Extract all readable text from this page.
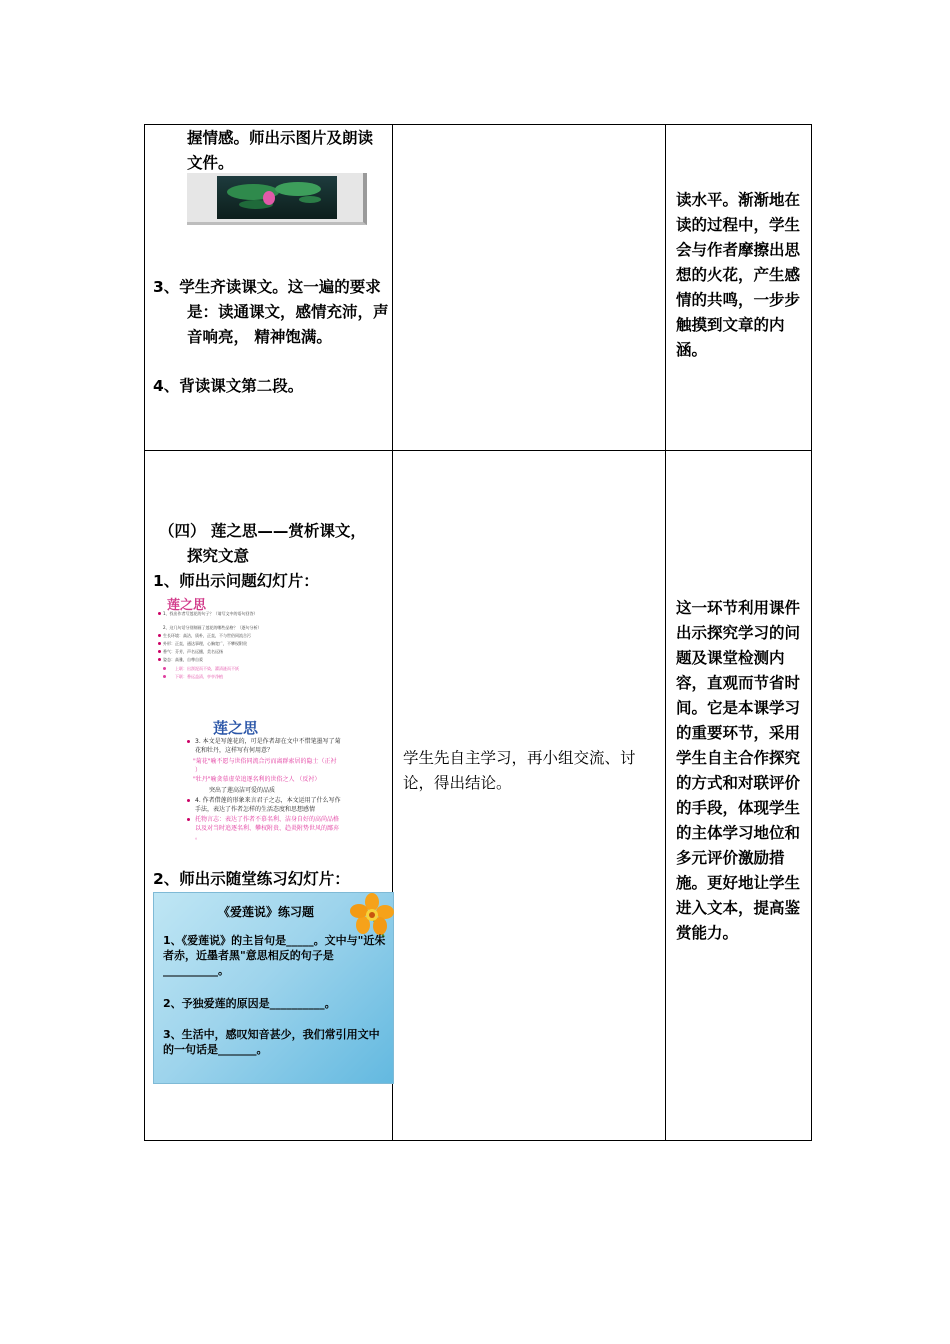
握情感。师出示图片及朗读
文件。
3、学生齐读课文。这一遍的要求
是：读通课文，感情充沛，声
音响亮， 精神饱满。
4、背读课文第二段。
读水平。渐渐地在读的过程中，学生会与作者摩擦出思想的火花，产生感情的共鸣，一步步触摸到文章的内涵。
（四） 莲之思——赏析课文，
探究文意
1、师出示问题幻灯片：
莲之思
1、找出作者写莲花的句子？（请写文中的语句回答）
2、这几句话分别刻画了莲花的哪些品格？（逐句分析）
生长环境：高洁，质朴，正直，不与世俗同流合污
外形：正直，通达事理，心胸宽广，不攀权附贵
香气：芬芳，声名远播，美名远扬
姿态：高雅，自尊自爱
上联：出淤泥而不染，濯清涟而不妖
下联：香远益清，亭亭净植
莲之思
3. 本文是写莲花的，可是作者却在文中不惜笔墨写了菊
花和牡丹，这样写有何用意？
"菊花"喻不愿与世俗同流合污而离群索居的隐士（正衬
）
"牡丹"喻贪慕虚荣追逐名利的世俗之人 （反衬）
突出了莲高洁可爱的品质
4. 作者借莲的形象来言君子之志，本文运用了什么写作
手法，表达了作者怎样的生活态度和思想感情
托物言志：表达了作者不慕名利、洁身自好的高尚品格
以及对当时追逐名利、攀权附贵、趋炎附势世风的鄙弃
。
2、师出示随堂练习幻灯片：
《爱莲说》练习题
1、《爱莲说》的主旨句是_____。文中与"近朱者赤，近墨者黑"意思相反的句子是__________。
2、予独爱莲的原因是__________。
3、生活中，感叹知音甚少，我们常引用文中的一句话是_______。
学生先自主学习，再小组交流、讨
论，得出结论。
这一环节利用课件出示探究学习的问题及课堂检测内容，直观而节省时间。它是本课学习的重要环节，采用学生自主合作探究的方式和对联评价的手段，体现学生的主体学习地位和多元评价激励措施。更好地让学生进入文本，提高鉴赏能力。
